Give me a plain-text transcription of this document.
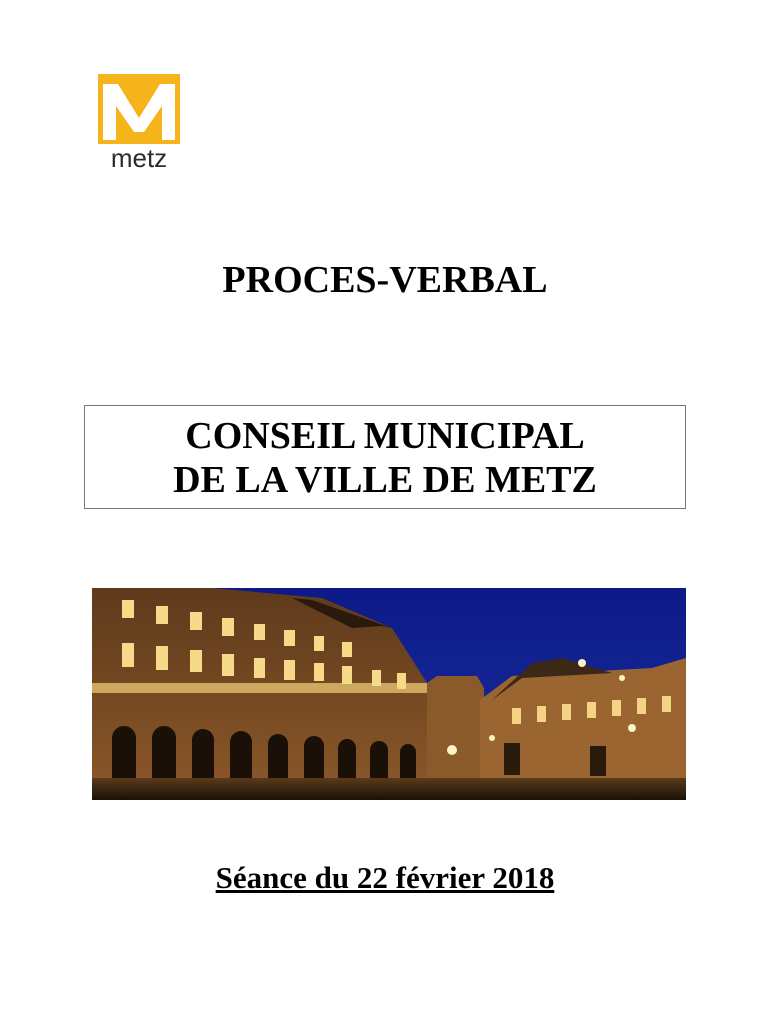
metz
PROCES-VERBAL
CONSEIL MUNICIPAL
DE LA VILLE DE METZ
Séance du 22 février 2018
